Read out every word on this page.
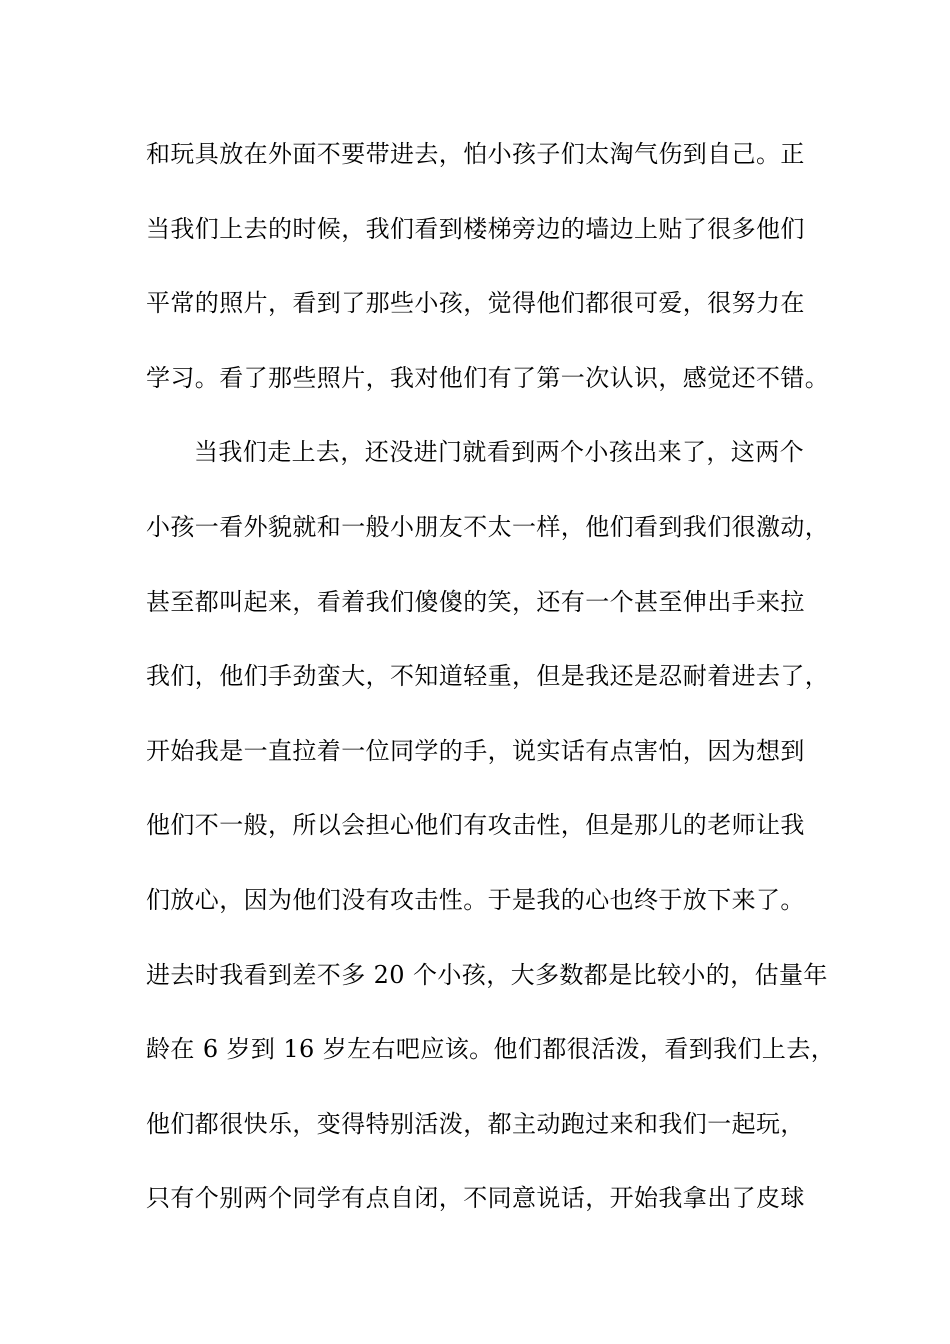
和玩具放在外面不要带进去，怕小孩子们太淘气伤到自己。正
当我们上去的时候，我们看到楼梯旁边的墙边上贴了很多他们
平常的照片，看到了那些小孩，觉得他们都很可爱，很努力在
学习。看了那些照片，我对他们有了第一次认识，感觉还不错。
当我们走上去，还没进门就看到两个小孩出来了，这两个
小孩一看外貌就和一般小朋友不太一样，他们看到我们很激动，
甚至都叫起来，看着我们傻傻的笑，还有一个甚至伸出手来拉
我们，他们手劲蛮大，不知道轻重，但是我还是忍耐着进去了，
开始我是一直拉着一位同学的手，说实话有点害怕，因为想到
他们不一般，所以会担心他们有攻击性，但是那儿的老师让我
们放心，因为他们没有攻击性。于是我的心也终于放下来了。
进去时我看到差不多 20 个小孩，大多数都是比较小的，估量年
龄在 6 岁到 16 岁左右吧应该。他们都很活泼，看到我们上去，
他们都很快乐，变得特别活泼，都主动跑过来和我们一起玩，
只有个别两个同学有点自闭，不同意说话，开始我拿出了皮球
